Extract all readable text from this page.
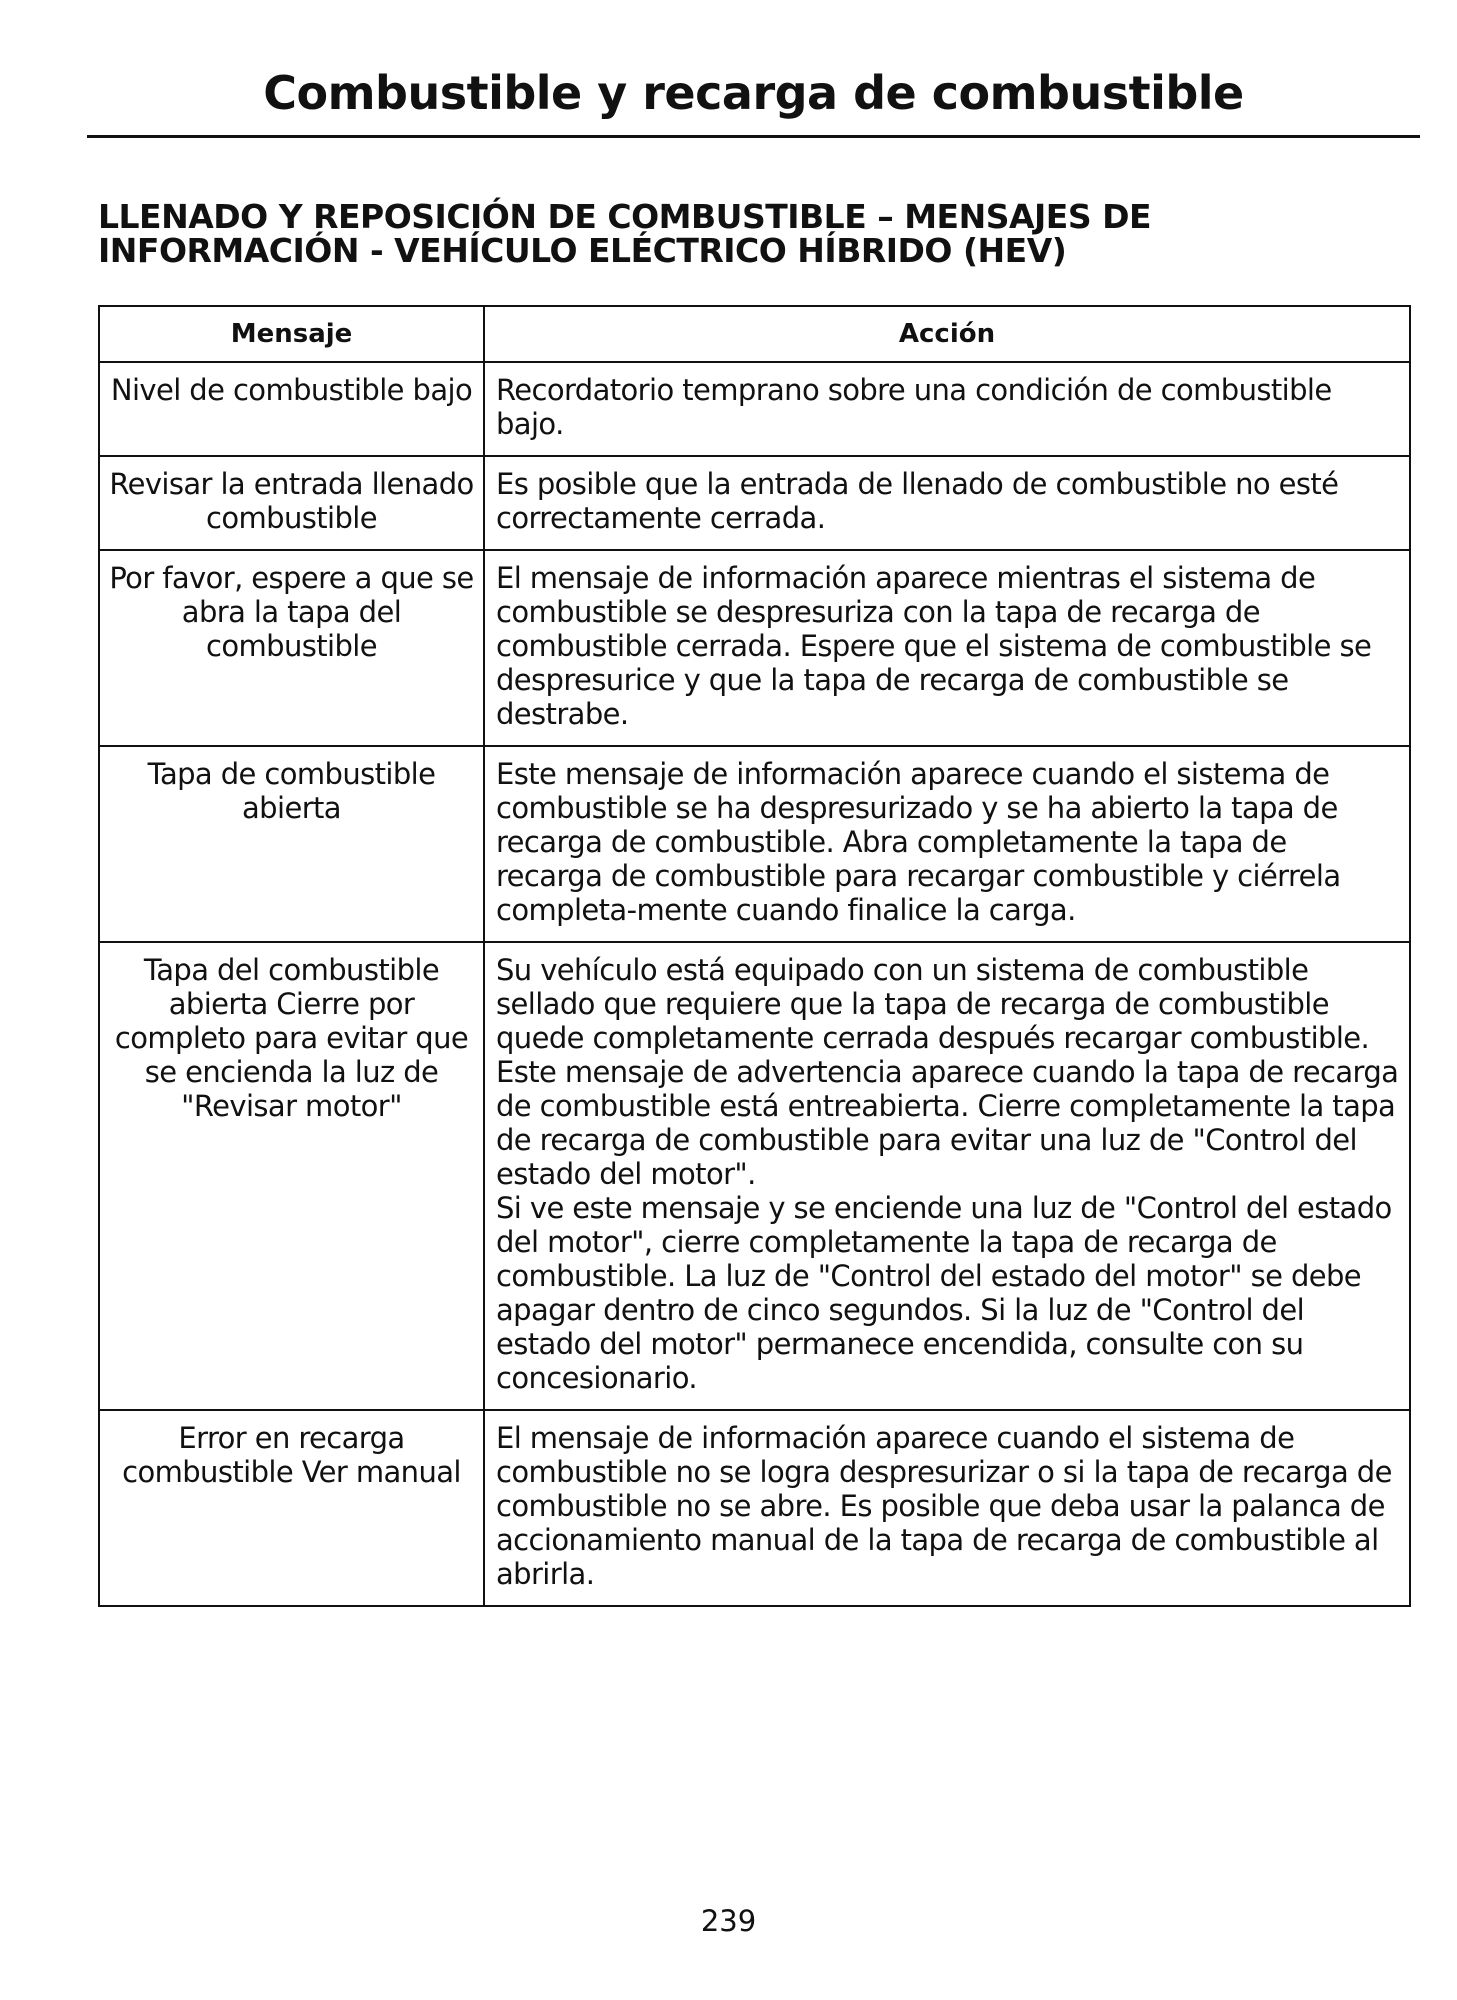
Combustible y recarga de combustible
LLENADO Y REPOSICIÓN DE COMBUSTIBLE – MENSAJES DE
INFORMACIÓN - VEHÍCULO ELÉCTRICO HÍBRIDO (HEV)
Mensaje	Acción
Nivel de combustible bajo	Recordatorio temprano sobre una condición de combustible bajo.

Revisar la entrada llenado combustible	Es posible que la entrada de llenado de combustible no esté correctamente cerrada.

Por favor, espere a que se abra la tapa del combustible	El mensaje de información aparece mientras el sistema de combustible se despresuriza con la tapa de recarga de combustible cerrada. Espere que el sistema de combustible se despresurice y que la tapa de recarga de combustible se destrabe.

Tapa de combustible abierta	Este mensaje de información aparece cuando el sistema de combustible se ha despresurizado y se ha abierto la tapa de recarga de combustible. Abra completamente la tapa de recarga de combustible para recargar combustible y ciérrela completa-mente cuando finalice la carga.

Tapa del combustible abierta Cierre por completo para evitar que se encienda la luz de "Revisar motor"	Su vehículo está equipado con un sistema de combustible sellado que requiere que la tapa de recarga de combustible quede completamente cerrada después recargar combustible. Este mensaje de advertencia aparece cuando la tapa de recarga de combustible está entreabierta. Cierre completamente la tapa de recarga de combustible para evitar una luz de "Control del estado del motor".
Si ve este mensaje y se enciende una luz de "Control del estado del motor", cierre completamente la tapa de recarga de combustible. La luz de "Control del estado del motor" se debe apagar dentro de cinco segundos. Si la luz de "Control del estado del motor" permanece encendida, consulte con su concesionario.

Error en recarga combustible Ver manual	El mensaje de información aparece cuando el sistema de combustible no se logra despresurizar o si la tapa de recarga de combustible no se abre. Es posible que deba usar la palanca de accionamiento manual de la tapa de recarga de combustible al abrirla.
239
